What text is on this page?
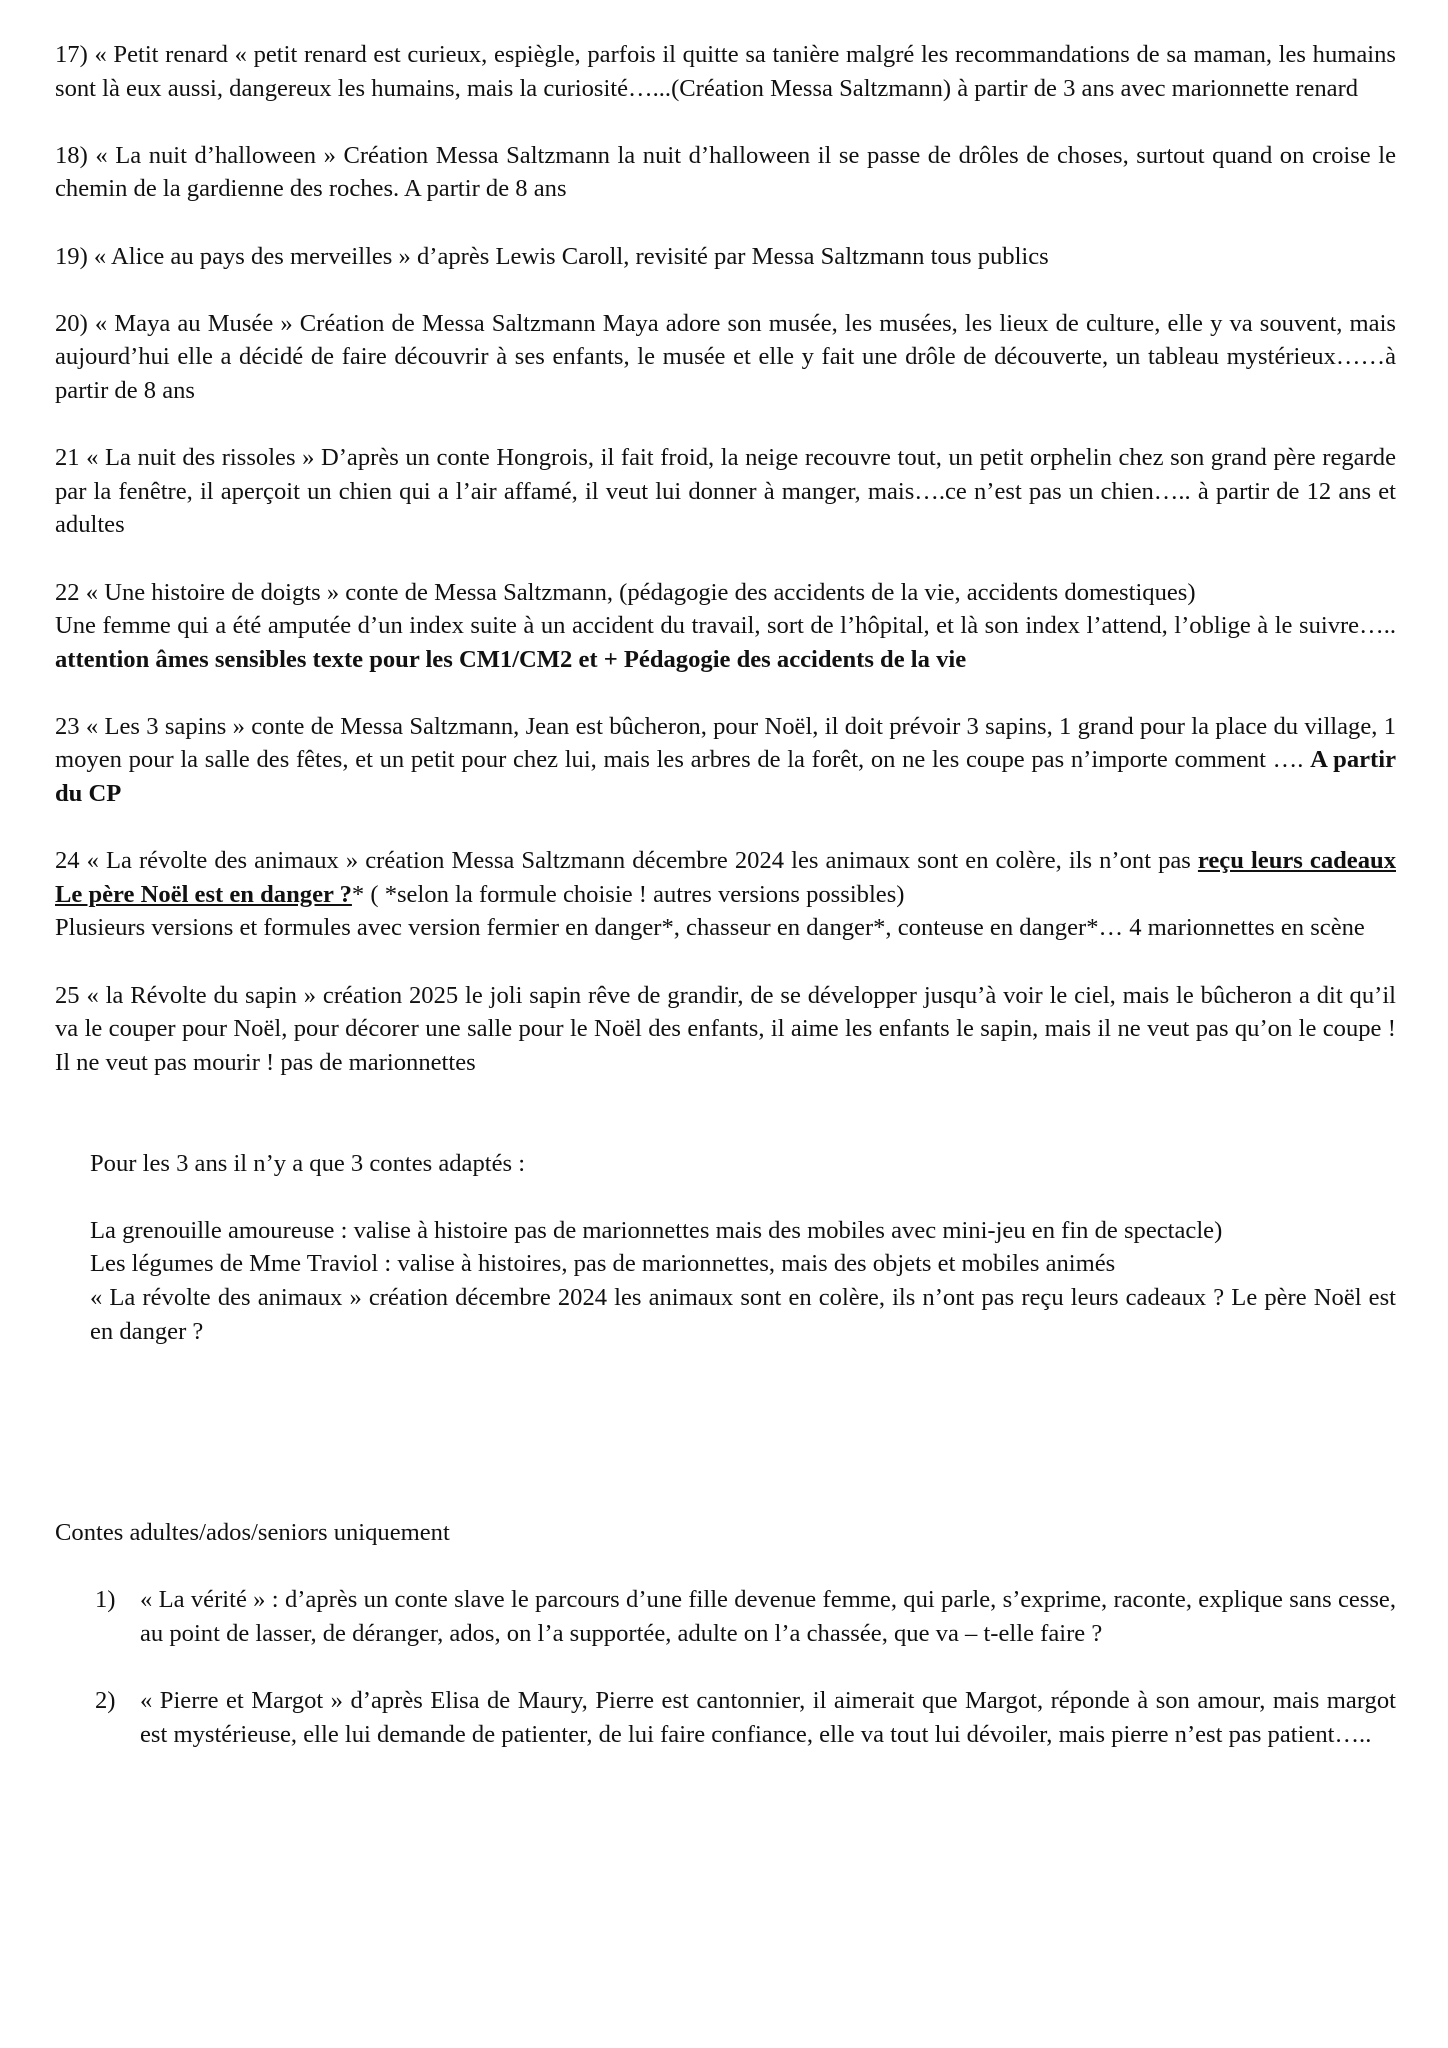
17) « Petit renard « petit renard est curieux, espiègle, parfois il quitte sa tanière malgré les recommandations de sa maman, les humains sont là eux aussi, dangereux les humains, mais la curiosité…...(Création Messa Saltzmann) à partir de 3 ans avec marionnette renard

18) « La nuit d’halloween » Création Messa Saltzmann la nuit d’halloween il se passe de drôles de choses, surtout quand on croise le chemin de la gardienne des roches. A partir de 8 ans

19) « Alice au pays des merveilles » d’après Lewis Caroll, revisité par Messa Saltzmann tous publics

20) « Maya au Musée » Création de Messa Saltzmann Maya adore son musée, les musées, les lieux de culture, elle y va souvent, mais aujourd’hui elle a décidé de faire découvrir à ses enfants, le musée et elle y fait une drôle de découverte, un tableau mystérieux……à partir de 8 ans

21 « La nuit des rissoles » D’après un conte Hongrois, il fait froid, la neige recouvre tout, un petit orphelin chez son grand père regarde par la fenêtre, il aperçoit un chien qui a l’air affamé, il veut lui donner à manger, mais….ce n’est pas un chien….. à partir de 12 ans et adultes

22 « Une histoire de doigts » conte de Messa Saltzmann, (pédagogie des accidents de la vie, accidents domestiques)

Une femme qui a été amputée d’un index suite à un accident du travail, sort de l’hôpital, et là son index l’attend, l’oblige à le suivre….. attention âmes sensibles texte pour les CM1/CM2 et + Pédagogie des accidents de la vie

23 « Les 3 sapins » conte de Messa Saltzmann, Jean est bûcheron, pour Noël, il doit prévoir 3 sapins, 1 grand pour la place du village, 1 moyen pour la salle des fêtes, et un petit pour chez lui, mais les arbres de la forêt, on ne les coupe pas n’importe comment …. A partir du CP

24 « La révolte des animaux » création Messa Saltzmann décembre 2024 les animaux sont en colère, ils n’ont pas reçu leurs cadeaux Le père Noël est en danger ?* ( *selon la formule choisie ! autres versions possibles)

Plusieurs versions et formules avec version fermier en danger*, chasseur en danger*, conteuse en danger*… 4 marionnettes en scène

25 « la Révolte du sapin » création 2025 le joli sapin rêve de grandir, de se développer jusqu’à voir le ciel, mais le bûcheron a dit qu’il va le couper pour Noël, pour décorer une salle pour le Noël des enfants, il aime les enfants le sapin, mais il ne veut pas qu’on le coupe ! Il ne veut pas mourir ! pas de marionnettes

Pour les 3 ans il n’y a que 3 contes adaptés :

La grenouille amoureuse : valise à histoire pas de marionnettes mais des mobiles avec mini-jeu en fin de spectacle)

Les légumes de Mme Traviol : valise à histoires, pas de marionnettes, mais des objets et mobiles animés

« La révolte des animaux » création décembre 2024 les animaux sont en colère, ils n’ont pas reçu leurs cadeaux ? Le père Noël est en danger ?

Contes adultes/ados/seniors uniquement

1) « La vérité » : d’après un conte slave le parcours d’une fille devenue femme, qui parle, s’exprime, raconte, explique sans cesse, au point de lasser, de déranger, ados, on l’a supportée, adulte on l’a chassée, que va – t-elle faire ?
2) « Pierre et Margot » d’après Elisa de Maury, Pierre est cantonnier, il aimerait que Margot, réponde à son amour, mais margot est mystérieuse, elle lui demande de patienter, de lui faire confiance, elle va tout lui dévoiler, mais pierre n’est pas patient…..
